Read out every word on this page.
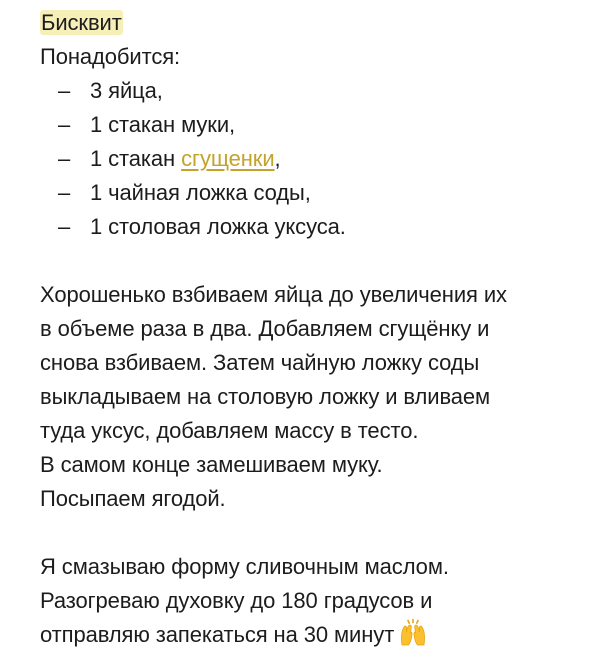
Бисквит
Понадобится:
– 3 яйца,
– 1 стакан муки,
– 1 стакан сгущенки,
– 1 чайная ложка соды,
– 1 столовая ложка уксуса.
Хорошенько взбиваем яйца до увеличения их
в объеме раза в два. Добавляем сгущёнку и
снова взбиваем. Затем чайную ложку соды
выкладываем на столовую ложку и вливаем
туда уксус, добавляем массу в тесто.
В самом конце замешиваем муку.
Посыпаем ягодой.
Я смазываю форму сливочным маслом.
Разогреваю духовку до 180 градусов и
отправляю запекаться на 30 минут
